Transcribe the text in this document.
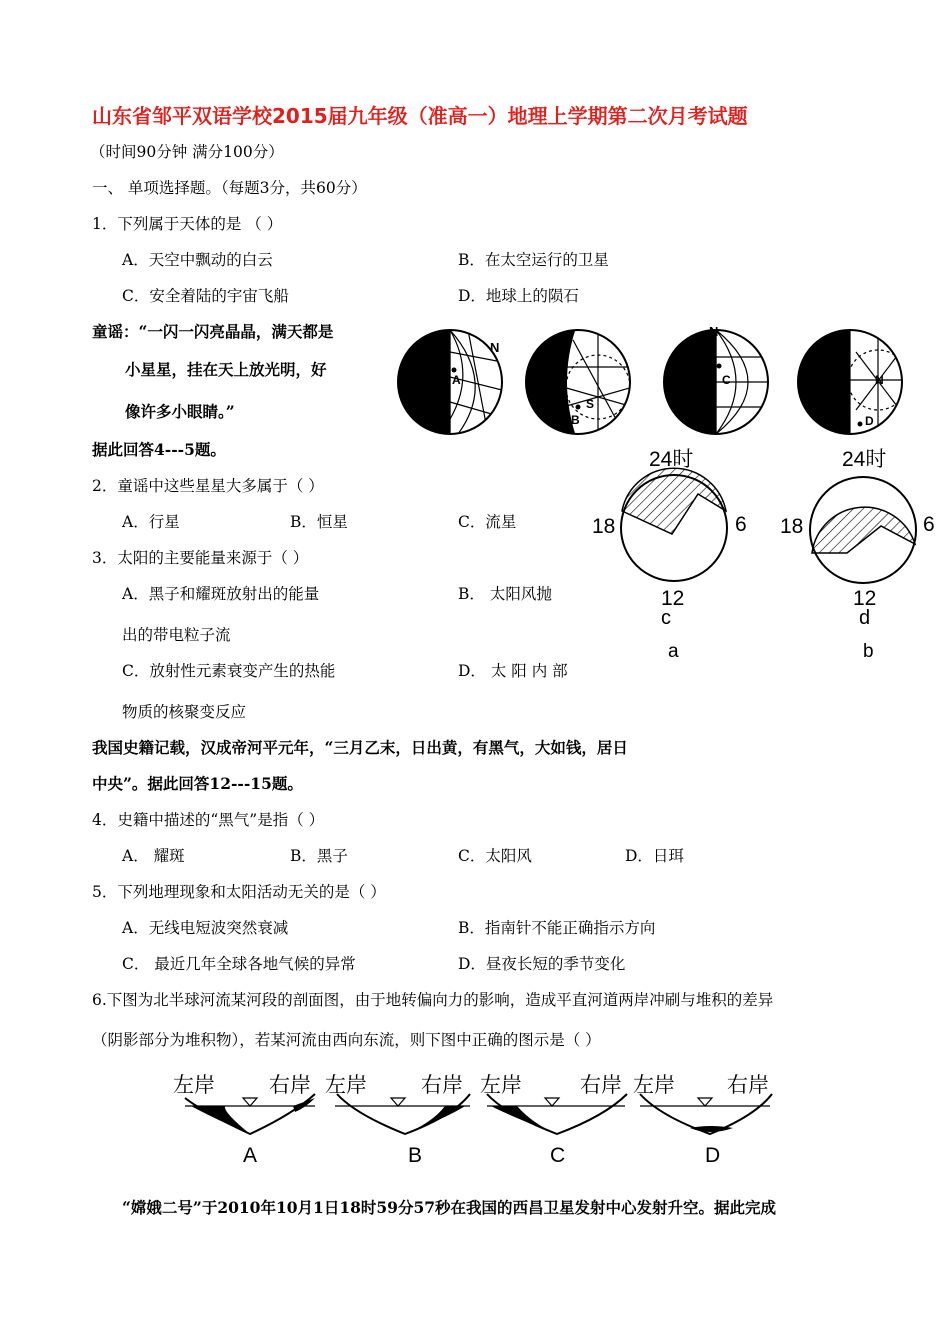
山东省邹平双语学校2015届九年级（准高一）地理上学期第二次月考试题
（时间90分钟 满分100分）
一、 单项选择题。（每题3分，共60分）
1．下列属于天体的是 （ ）
A．天空中飘动的白云	B．在太空运行的卫星
C．安全着陆的宇宙飞船	D．地球上的陨石
童谣：“一闪一闪亮晶晶，满天都是
小星星，挂在天上放光明，好
像许多小眼睛。”
据此回答4---5题。
2．童谣中这些星星大多属于（ ）
A．行星	B．恒星	C．流星
3．太阳的主要能量来源于（ ）
A．黑子和耀斑放射出的能量	B． 太阳风抛
出的带电粒子流
C．放射性元素衰变产生的热能	D． 太 阳 内 部
物质的核聚变反应
我国史籍记载，汉成帝河平元年，“三月乙末，日出黄，有黑气，大如钱，居日
中央”。据此回答12---15题。
4．史籍中描述的“黑气”是指（ ）
A． 耀斑	B．黑子	C．太阳风	D．日珥
5．下列地理现象和太阳活动无关的是（ ）
A．无线电短波突然衰减	B．指南针不能正确指示方向
C． 最近几年全球各地气候的异常	D．昼夜长短的季节变化
6.下图为北半球河流某河段的剖面图，由于地转偏向力的影响，造成平直河道两岸冲刷与堆积的差异
（阴影部分为堆积物），若某河流由西向东流，则下图中正确的图示是（ ）
“嫦娥二号”于2010年10月1日18时59分57秒在我国的西昌卫星发射中心发射升空。据此完成
N
A
S
B
N
C	N
D
24时
18	6
12
c
a
24时
18	6
12
d
b
左岸	右岸
A
左岸	右岸
B
左岸	右岸
C
左岸 右岸
D
